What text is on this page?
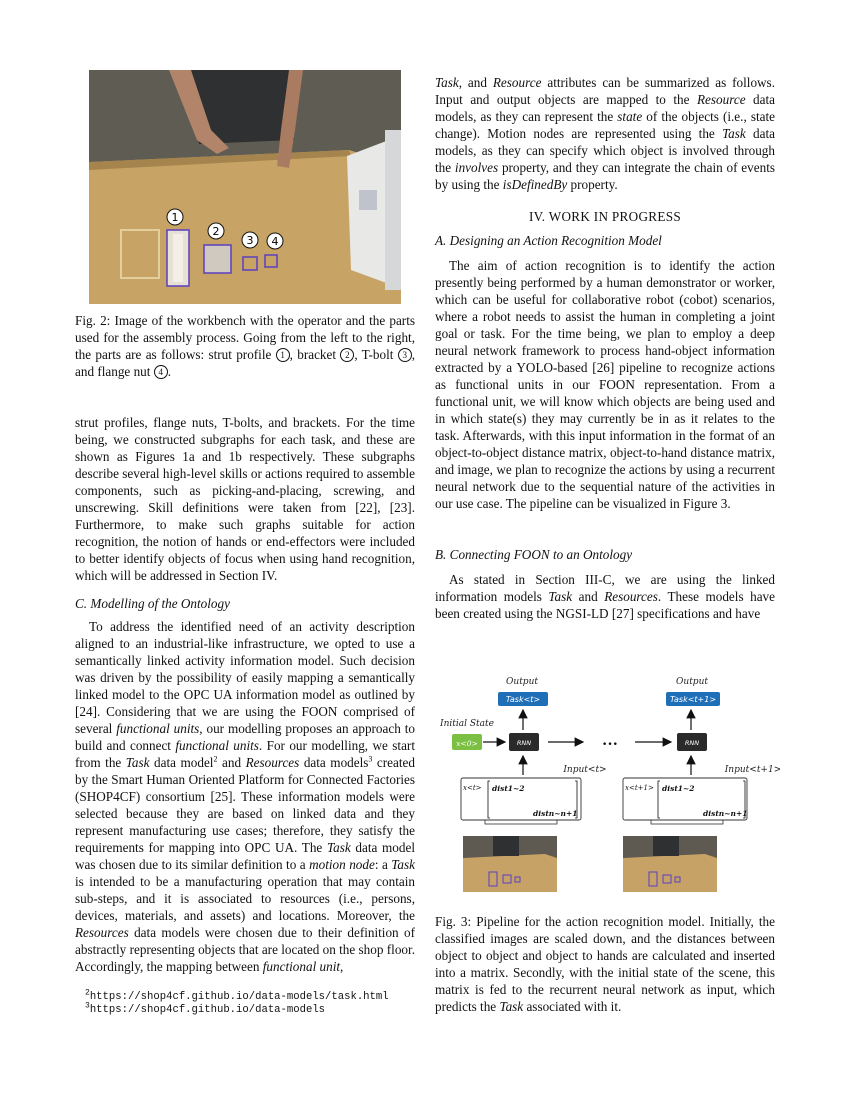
1
2
3 4
Fig. 2: Image of the workbench with the operator and the parts used for the assembly process. Going from the left to the right, the parts are as follows: strut profile 1 , bracket 2 , T-bolt 3 , and flange nut 4 .

strut profiles, flange nuts, T-bolts, and brackets. For the time being, we constructed subgraphs for each task, and these are shown as Figures 1a and 1b respectively. These subgraphs describe several high-level skills or actions required to assemble components, such as picking-and-placing, screwing, and unscrewing. Skill definitions were taken from [22], [23]. Furthermore, to make such graphs suitable for action recognition, the notion of hands or end-effectors were included to better identify objects of focus when using hand recognition, which will be addressed in Section IV.

C. Modelling of the Ontology

To address the identified need of an activity description aligned to an industrial-like infrastructure, we opted to use a semantically linked activity information model. Such decision was driven by the possibility of easily mapping a semantically linked model to the OPC UA information model as outlined by [24]. Considering that we are using the FOON comprised of several functional units, our modelling proposes an approach to build and connect functional units. For our modelling, we start from the Task data model$^2$ and Resources data models$^3$ created by the Smart Human Oriented Platform for Connected Factories (SHOP4CF) consortium [25]. These information models were selected because they are based on linked data and they represent manufacturing use cases; therefore, they satisfy the requirements for mapping into OPC UA. The Task data model was chosen due to its similar definition to a motion node: a Task is intended to be a manufacturing operation that may contain sub-steps, and it is associated to resources (i.e., persons, devices, materials, and assets) and locations. Moreover, the Resources data models were chosen due to their definition of abstractly representing objects that are located on the shop floor. Accordingly, the mapping between functional unit,

$^2$https://shop4cf.github.io/data-models/task.html
$^3$https://shop4cf.github.io/data-models

Task, and Resource attributes can be summarized as follows. Input and output objects are mapped to the Resource data models, as they can represent the state of the objects (i.e., state change). Motion nodes are represented using the Task data models, as they can specify which object is involved through the involves property, and they can integrate the chain of events by using the isDefinedBy property.

IV. WORK IN PROGRESS

A. Designing an Action Recognition Model

The aim of action recognition is to identify the action presently being performed by a human demonstrator or worker, which can be useful for collaborative robot (cobot) scenarios, where a robot needs to assist the human in completing a joint goal or task. For the time being, we plan to employ a deep neural network framework to process hand-object information extracted by a YOLO-based [26] pipeline to recognize actions as functional units in our FOON representation. From a functional unit, we will know which objects are being used and in which state(s) they may currently be in as it relates to the task. Afterwards, with this input information in the format of an object-to-object distance matrix, object-to-hand distance matrix, and image, we plan to recognize the actions by using a recurrent neural network due to the sequential nature of the activities in our use case. The pipeline can be visualized in Figure 3.

B. Connecting FOON to an Ontology

As stated in Section III-C, we are using the linked information models Task and Resources. These models have been created using the NGSI-LD [27] specifications and have

Output	Output
Task<t>	Task<t+1>
Initial State
x<0>	RNN	RNN
•••
Input<t>	Input<t+1>
x<t> dist1~2
distn~n+1
x<t+1> dist1~2
distn~n+1
Fig. 3: Pipeline for the action recognition model. Initially, the classified images are scaled down, and the distances between object to object and object to hands are calculated and inserted into a matrix. Secondly, with the initial state of the scene, this matrix is fed to the recurrent neural network as input, which predicts the Task associated with it.
